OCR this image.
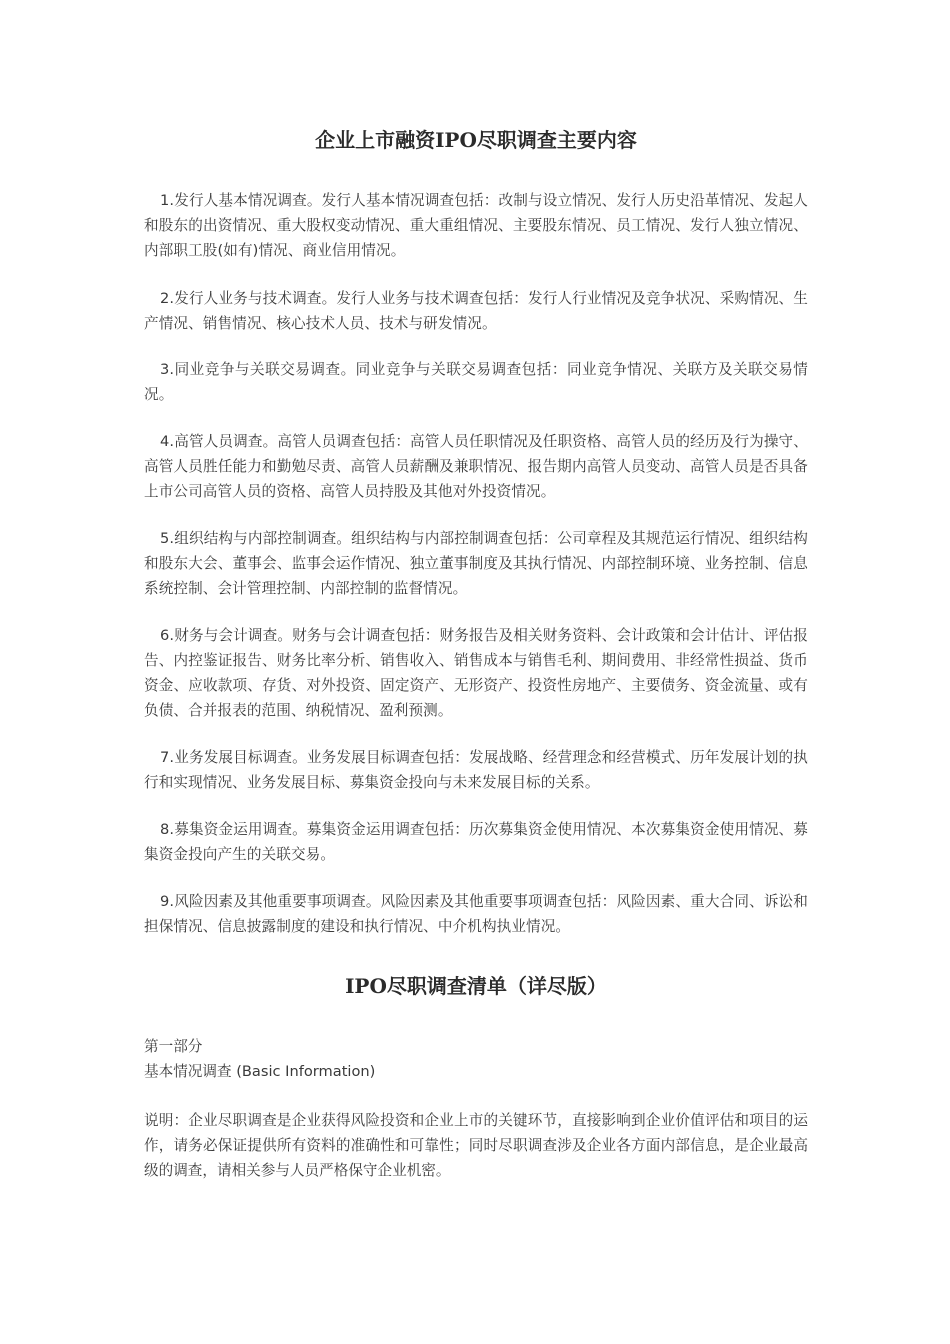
企业上市融资IPO尽职调查主要内容

1.发行人基本情况调查。发行人基本情况调查包括：改制与设立情况、发行人历史沿革情况、发起人和股东的出资情况、重大股权变动情况、重大重组情况、主要股东情况、员工情况、发行人独立情况、内部职工股(如有)情况、商业信用情况。

2.发行人业务与技术调查。发行人业务与技术调查包括：发行人行业情况及竞争状况、采购情况、生产情况、销售情况、核心技术人员、技术与研发情况。

3.同业竞争与关联交易调查。同业竞争与关联交易调查包括：同业竞争情况、关联方及关联交易情况。

4.高管人员调查。高管人员调查包括：高管人员任职情况及任职资格、高管人员的经历及行为操守、高管人员胜任能力和勤勉尽责、高管人员薪酬及兼职情况、报告期内高管人员变动、高管人员是否具备上市公司高管人员的资格、高管人员持股及其他对外投资情况。

5.组织结构与内部控制调查。组织结构与内部控制调查包括：公司章程及其规范运行情况、组织结构和股东大会、董事会、监事会运作情况、独立董事制度及其执行情况、内部控制环境、业务控制、信息系统控制、会计管理控制、内部控制的监督情况。

6.财务与会计调查。财务与会计调查包括：财务报告及相关财务资料、会计政策和会计估计、评估报告、内控鉴证报告、财务比率分析、销售收入、销售成本与销售毛利、期间费用、非经常性损益、货币资金、应收款项、存货、对外投资、固定资产、无形资产、投资性房地产、主要债务、资金流量、或有负债、合并报表的范围、纳税情况、盈利预测。

7.业务发展目标调查。业务发展目标调查包括：发展战略、经营理念和经营模式、历年发展计划的执行和实现情况、业务发展目标、募集资金投向与未来发展目标的关系。

8.募集资金运用调查。募集资金运用调查包括：历次募集资金使用情况、本次募集资金使用情况、募集资金投向产生的关联交易。

9.风险因素及其他重要事项调查。风险因素及其他重要事项调查包括：风险因素、重大合同、诉讼和担保情况、信息披露制度的建设和执行情况、中介机构执业情况。

IPO尽职调查清单（详尽版）

第一部分

基本情况调查 (Basic Information)

说明：企业尽职调查是企业获得风险投资和企业上市的关键环节，直接影响到企业价值评估和项目的运作，请务必保证提供所有资料的准确性和可靠性；同时尽职调查涉及企业各方面内部信息，是企业最高级的调查，请相关参与人员严格保守企业机密。
